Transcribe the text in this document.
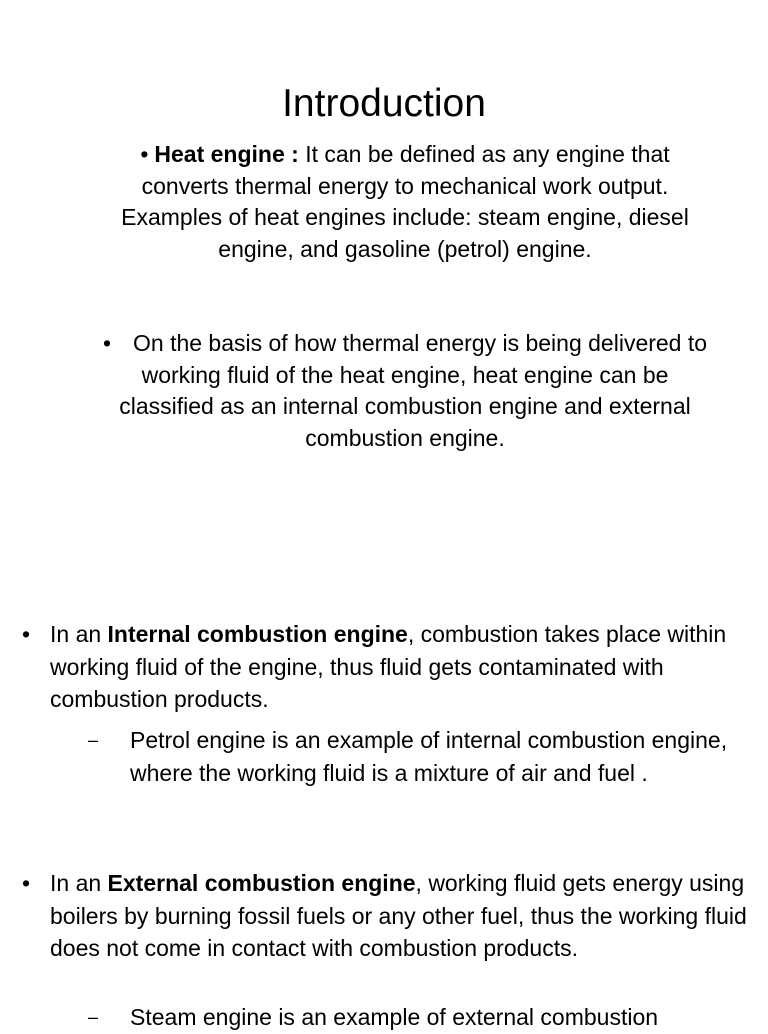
Introduction

• Heat engine : It can be defined as any engine that converts thermal energy to mechanical work output. Examples of heat engines include: steam engine, diesel engine, and gasoline (petrol) engine.

• On the basis of how thermal energy is being delivered to working fluid of the heat engine, heat engine can be classified as an internal combustion engine and external combustion engine.

• In an Internal combustion engine, combustion takes place within working fluid of the engine, thus fluid gets contaminated with combustion products.
– Petrol engine is an example of internal combustion engine, where the working fluid is a mixture of air and fuel .
• In an External combustion engine, working fluid gets energy using boilers by burning fossil fuels or any other fuel, thus the working fluid does not come in contact with combustion products.
– Steam engine is an example of external combustion
